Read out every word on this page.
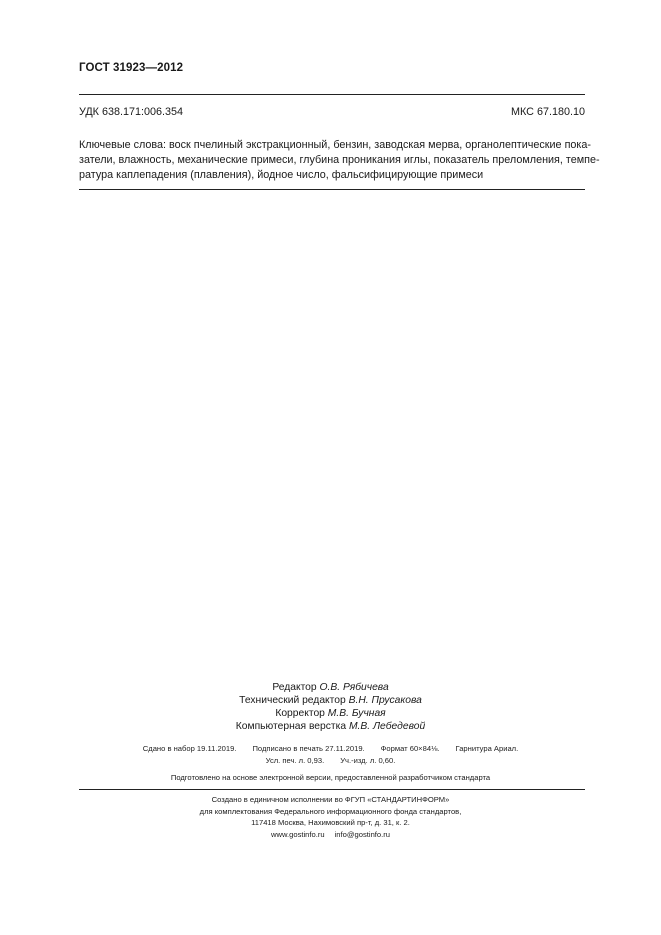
ГОСТ 31923—2012
УДК 638.171:006.354	МКС 67.180.10
Ключевые слова: воск пчелиный экстракционный, бензин, заводская мерва, органолептические пока-
затели, влажность, механические примеси, глубина проникания иглы, показатель преломления, темпе-
ратура каплепадения (плавления), йодное число, фальсифицирующие примеси
Редактор О.В. Рябичева
Технический редактор В.Н. Прусакова
Корректор М.В. Бучная
Компьютерная верстка М.В. Лебедевой
Сдано в набор 19.11.2019. Подписано в печать 27.11.2019. Формат 60×84⅛. Гарнитура Ариал.
Усл. печ. л. 0,93. Уч.-изд. л. 0,60.
Подготовлено на основе электронной версии, предоставленной разработчиком стандарта
Создано в единичном исполнении во ФГУП «СТАНДАРТИНФОРМ»
для комплектования Федерального информационного фонда стандартов,
117418 Москва, Нахимовский пр-т, д. 31, к. 2.
www.gostinfo.ru info@gostinfo.ru
